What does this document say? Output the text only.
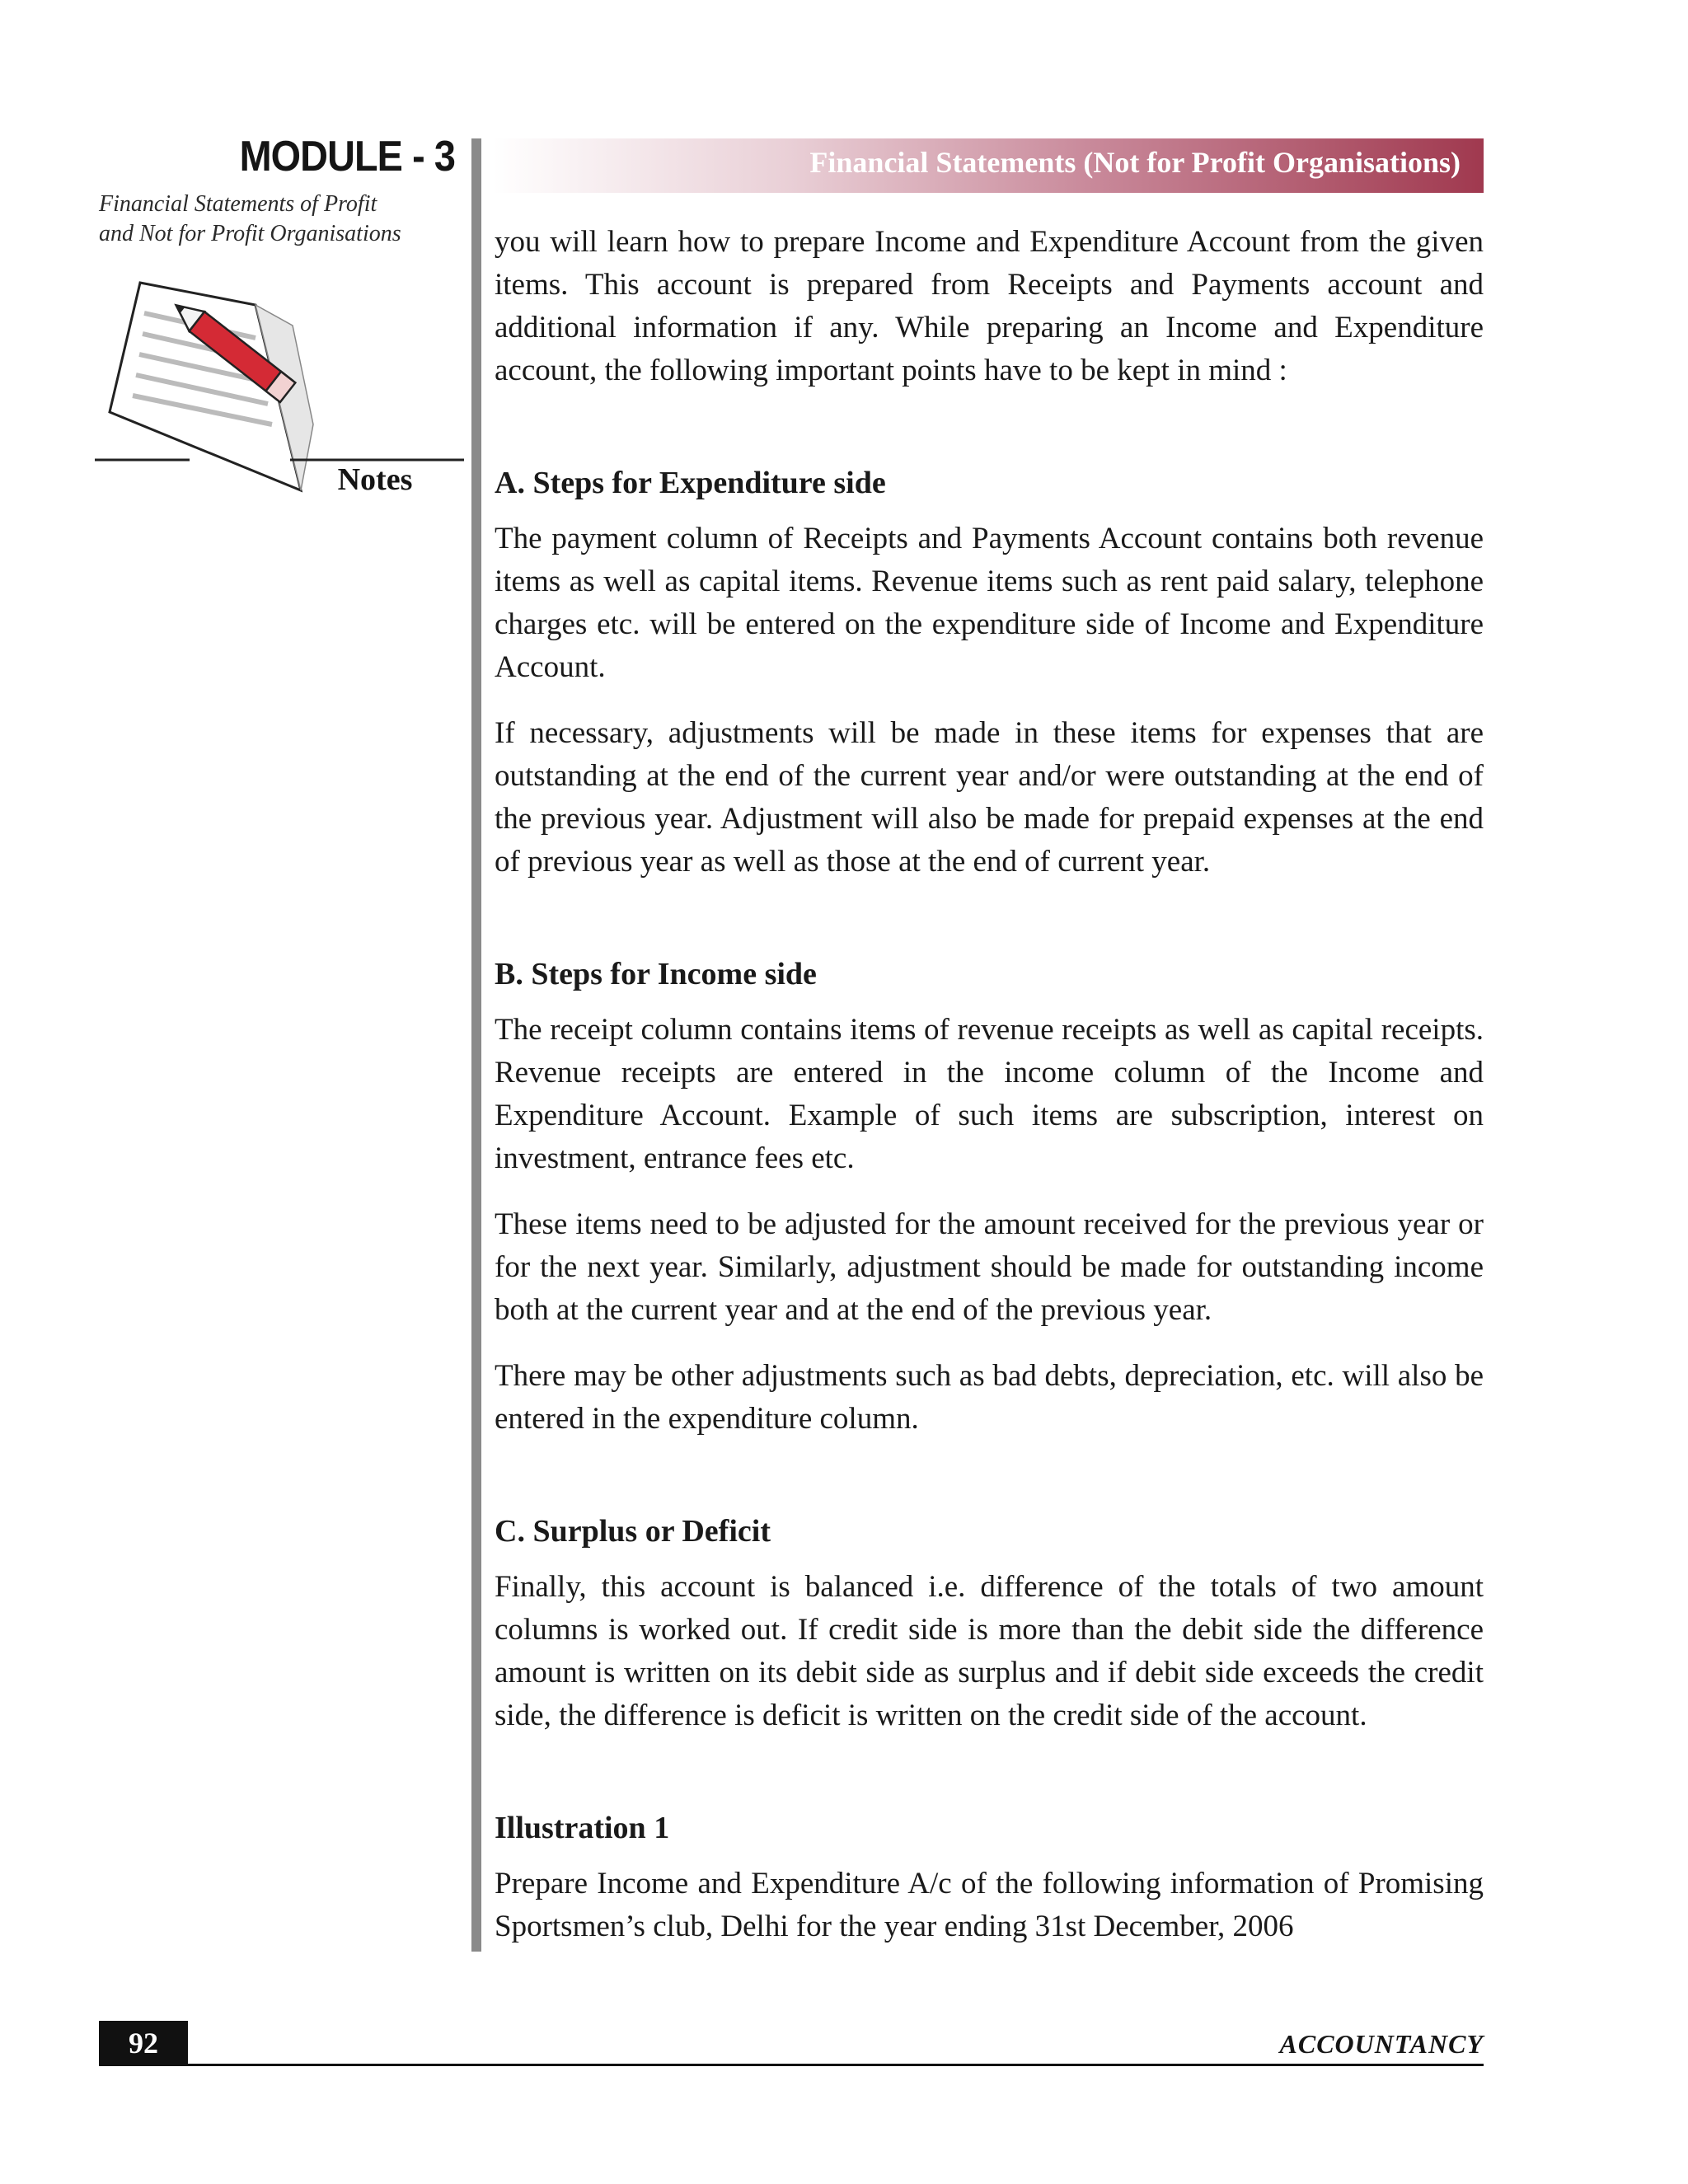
MODULE - 3
Financial Statements of Profit
and Not for Profit Organisations
Notes
Financial Statements (Not for Profit Organisations)

you will learn how to prepare Income and Expenditure Account from the given items. This account is prepared from Receipts and Payments account and additional information if any. While preparing an Income and Expenditure account, the following important points have to be kept in mind :

A. Steps for Expenditure side

The payment column of Receipts and Payments Account contains both revenue items as well as capital items. Revenue items such as rent paid salary, telephone charges etc. will be entered on the expenditure side of Income and Expenditure Account.

If necessary, adjustments will be made in these items for expenses that are outstanding at the end of the current year and/or were outstanding at the end of the previous year. Adjustment will also be made for prepaid expenses at the end of previous year as well as those at the end of current year.

B. Steps for Income side

The receipt column contains items of revenue receipts as well as capital receipts. Revenue receipts are entered in the income column of the Income and Expenditure Account. Example of such items are subscription, interest on investment, entrance fees etc.

These items need to be adjusted for the amount received for the previous year or for the next year. Similarly, adjustment should be made for outstanding income both at the current year and at the end of the previous year.

There may be other adjustments such as bad debts, depreciation, etc. will also be entered in the expenditure column.

C. Surplus or Deficit

Finally, this account is balanced i.e. difference of the totals of two amount columns is worked out. If credit side is more than the debit side the difference amount is written on its debit side as surplus and if debit side exceeds the credit side, the difference is deficit is written on the credit side of the account.

Illustration 1

Prepare Income and Expenditure A/c of the following information of Promising Sportsmen’s club, Delhi for the year ending 31st December, 2006

92	ACCOUNTANCY
